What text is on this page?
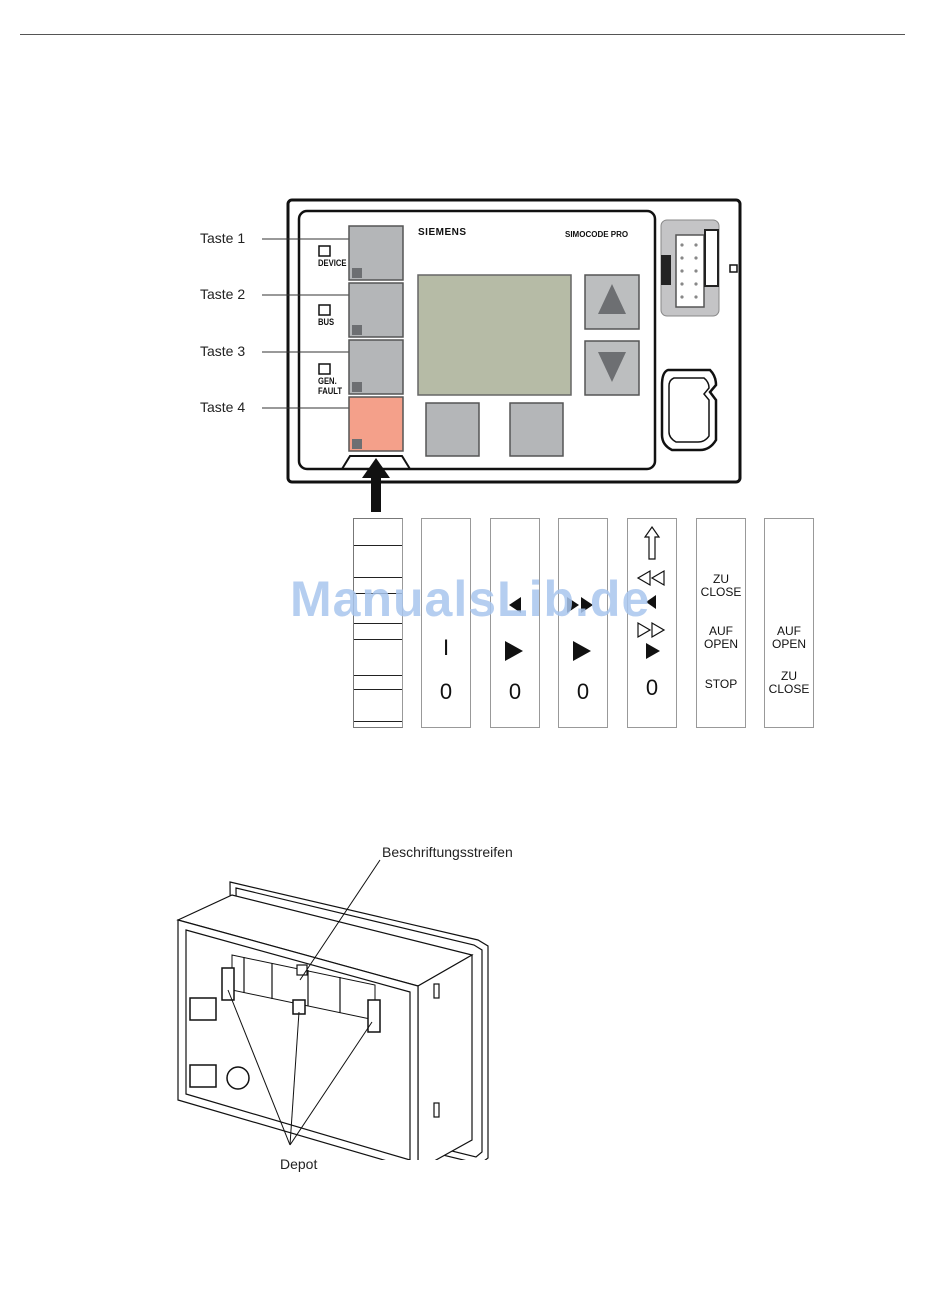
Taste 1
Taste 2
Taste 3
Taste 4
SIEMENS	SIMOCODE PRO
DEVICE
BUS
GEN.
FAULT
I
0	0	0	0
ZU
CLOSE
AUF
OPEN
STOP
AUF
OPEN
ZU
CLOSE
ManualsLib.de
Beschriftungsstreifen
Depot
